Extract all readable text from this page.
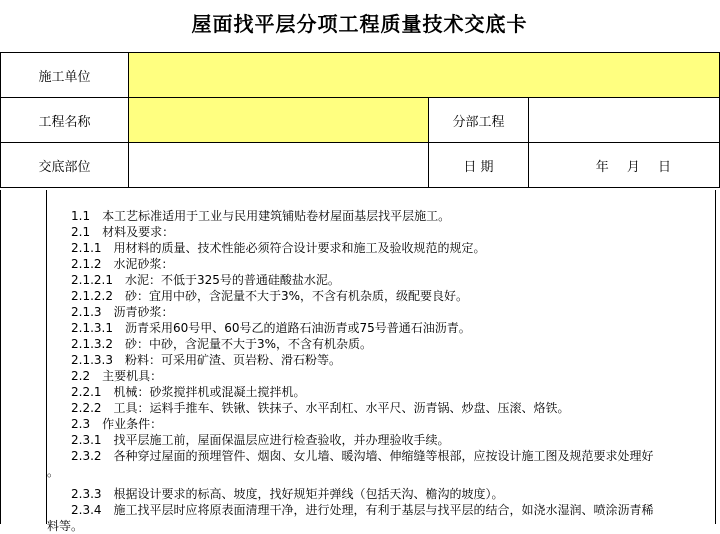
屋面找平层分项工程质量技术交底卡
施工单位			
工程名称		分部工程	
交底部位		日 期	年 月 日
　　1.1　本工艺标准适用于工业与民用建筑铺贴卷材屋面基层找平层施工。
　　2.1　材料及要求：
　　2.1.1　用材料的质量、技术性能必须符合设计要求和施工及验收规范的规定。
　　2.1.2　水泥砂浆：
　　2.1.2.1　水泥：不低于325号的普通硅酸盐水泥。
　　2.1.2.2　砂：宜用中砂，含泥量不大于3%，不含有机杂质，级配要良好。
　　2.1.3　沥青砂浆：
　　2.1.3.1　沥青采用60号甲、60号乙的道路石油沥青或75号普通石油沥青。
　　2.1.3.2　砂：中砂，含泥量不大于3%，不含有机杂质。
　　2.1.3.3　粉料：可采用矿渣、页岩粉、滑石粉等。
　　2.2　主要机具：
　　2.2.1　机械：砂浆搅拌机或混凝土搅拌机。
　　2.2.2　工具：运料手推车、铁锹、铁抹子、水平刮杠、水平尺、沥青锅、炒盘、压滚、烙铁。
　　2.3　作业条件：
　　2.3.1　找平层施工前，屋面保温层应进行检查验收，并办理验收手续。
　　2.3.2　各种穿过屋面的预埋管件、烟囱、女儿墙、暖沟墙、伸缩缝等根部，应按设计施工图及规范要求处理好
。
　　2.3.3　根据设计要求的标高、坡度，找好规矩并弹线（包括天沟、檐沟的坡度）。
　　2.3.4　施工找平层时应将原表面清理干净，进行处理，有利于基层与找平层的结合，如浇水湿润、喷涂沥青稀
料等。
